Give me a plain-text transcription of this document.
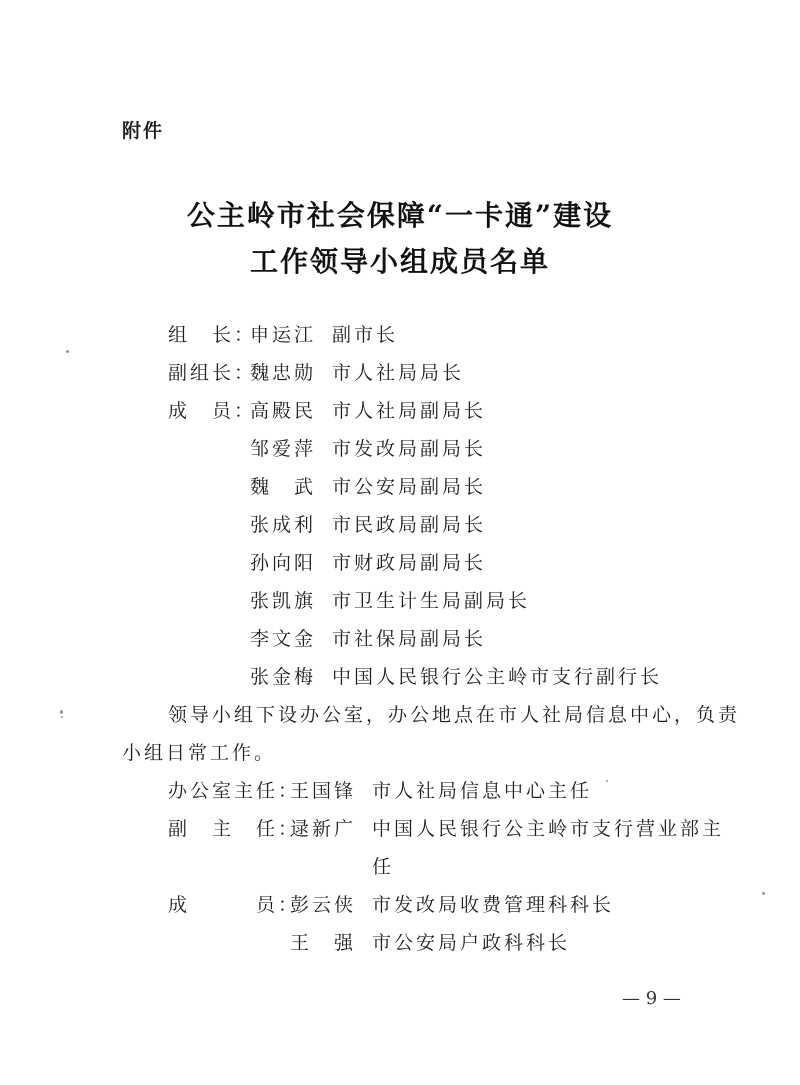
附件
公主岭市社会保障“一卡通”建设
工作领导小组成员名单
组　长：
申运江 副市长
副组长：
魏忠勋 市人社局局长
成　员：
高殿民 市人社局副局长
邹爱萍 市发改局副局长
魏　武 市公安局副局长
张成利 市民政局副局长
孙向阳 市财政局副局长
张凯旗 市卫生计生局副局长
李文金 市社保局副局长
张金梅 中国人民银行公主岭市支行副行长
领导小组下设办公室，办公地点在市人社局信息中心，负责
小组日常工作。
办公室主任：
王国锋 市人社局信息中心主任
副　主　任：
逯新广 中国人民银行公主岭市支行营业部主
任
成　　　员：
彭云侠 市发改局收费管理科科长
王　强 市公安局户政科科长
— 9 —
